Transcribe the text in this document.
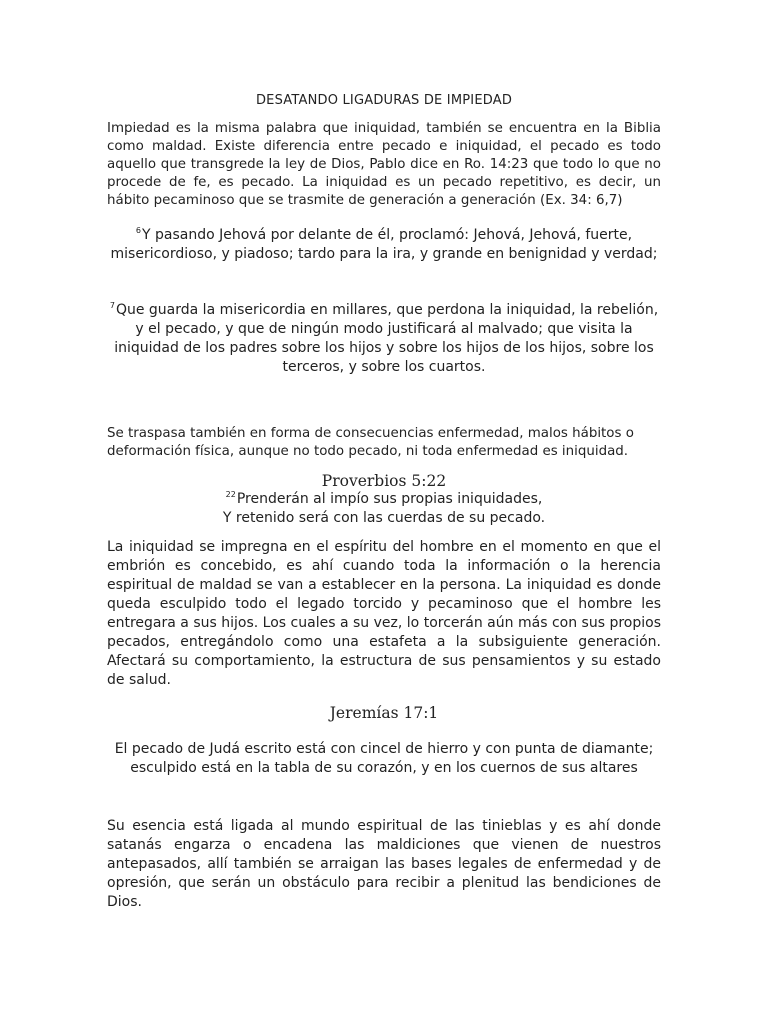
DESATANDO LIGADURAS DE IMPIEDAD

Impiedad es la misma palabra que iniquidad, también se encuentra en la Biblia como maldad. Existe diferencia entre pecado e iniquidad, el pecado es todo aquello que transgrede la ley de Dios, Pablo dice en Ro. 14:23 que todo lo que no procede de fe, es pecado. La iniquidad es un pecado repetitivo, es decir, un hábito pecaminoso que se trasmite de generación a generación (Ex. 34: 6,7)

$^6$Y pasando Jehová por delante de él, proclamó: Jehová, Jehová, fuerte, misericordioso, y piadoso; tardo para la ira, y grande en benignidad y verdad;

$^7$Que guarda la misericordia en millares, que perdona la iniquidad, la rebelión, y el pecado, y que de ningún modo justificará al malvado; que visita la iniquidad de los padres sobre los hijos y sobre los hijos de los hijos, sobre los terceros, y sobre los cuartos.

Se traspasa también en forma de consecuencias enfermedad, malos hábitos o deformación física, aunque no todo pecado, ni toda enfermedad es iniquidad.

Proverbios 5:22

$^{22}$Prenderán al impío sus propias iniquidades,
Y retenido será con las cuerdas de su pecado.

La iniquidad se impregna en el espíritu del hombre en el momento en que el embrión es concebido, es ahí cuando toda la información o la herencia espiritual de maldad se van a establecer en la persona. La iniquidad es donde queda esculpido todo el legado torcido y pecaminoso que el hombre les entregara a sus hijos. Los cuales a su vez, lo torcerán aún más con sus propios pecados, entregándolo como una estafeta a la subsiguiente generación. Afectará su comportamiento, la estructura de sus pensamientos y su estado de salud.

Jeremías 17:1

El pecado de Judá escrito está con cincel de hierro y con punta de diamante; esculpido está en la tabla de su corazón, y en los cuernos de sus altares

Su esencia está ligada al mundo espiritual de las tinieblas y es ahí donde satanás engarza o encadena las maldiciones que vienen de nuestros antepasados, allí también se arraigan las bases legales de enfermedad y de opresión, que serán un obstáculo para recibir a plenitud las bendiciones de Dios.
